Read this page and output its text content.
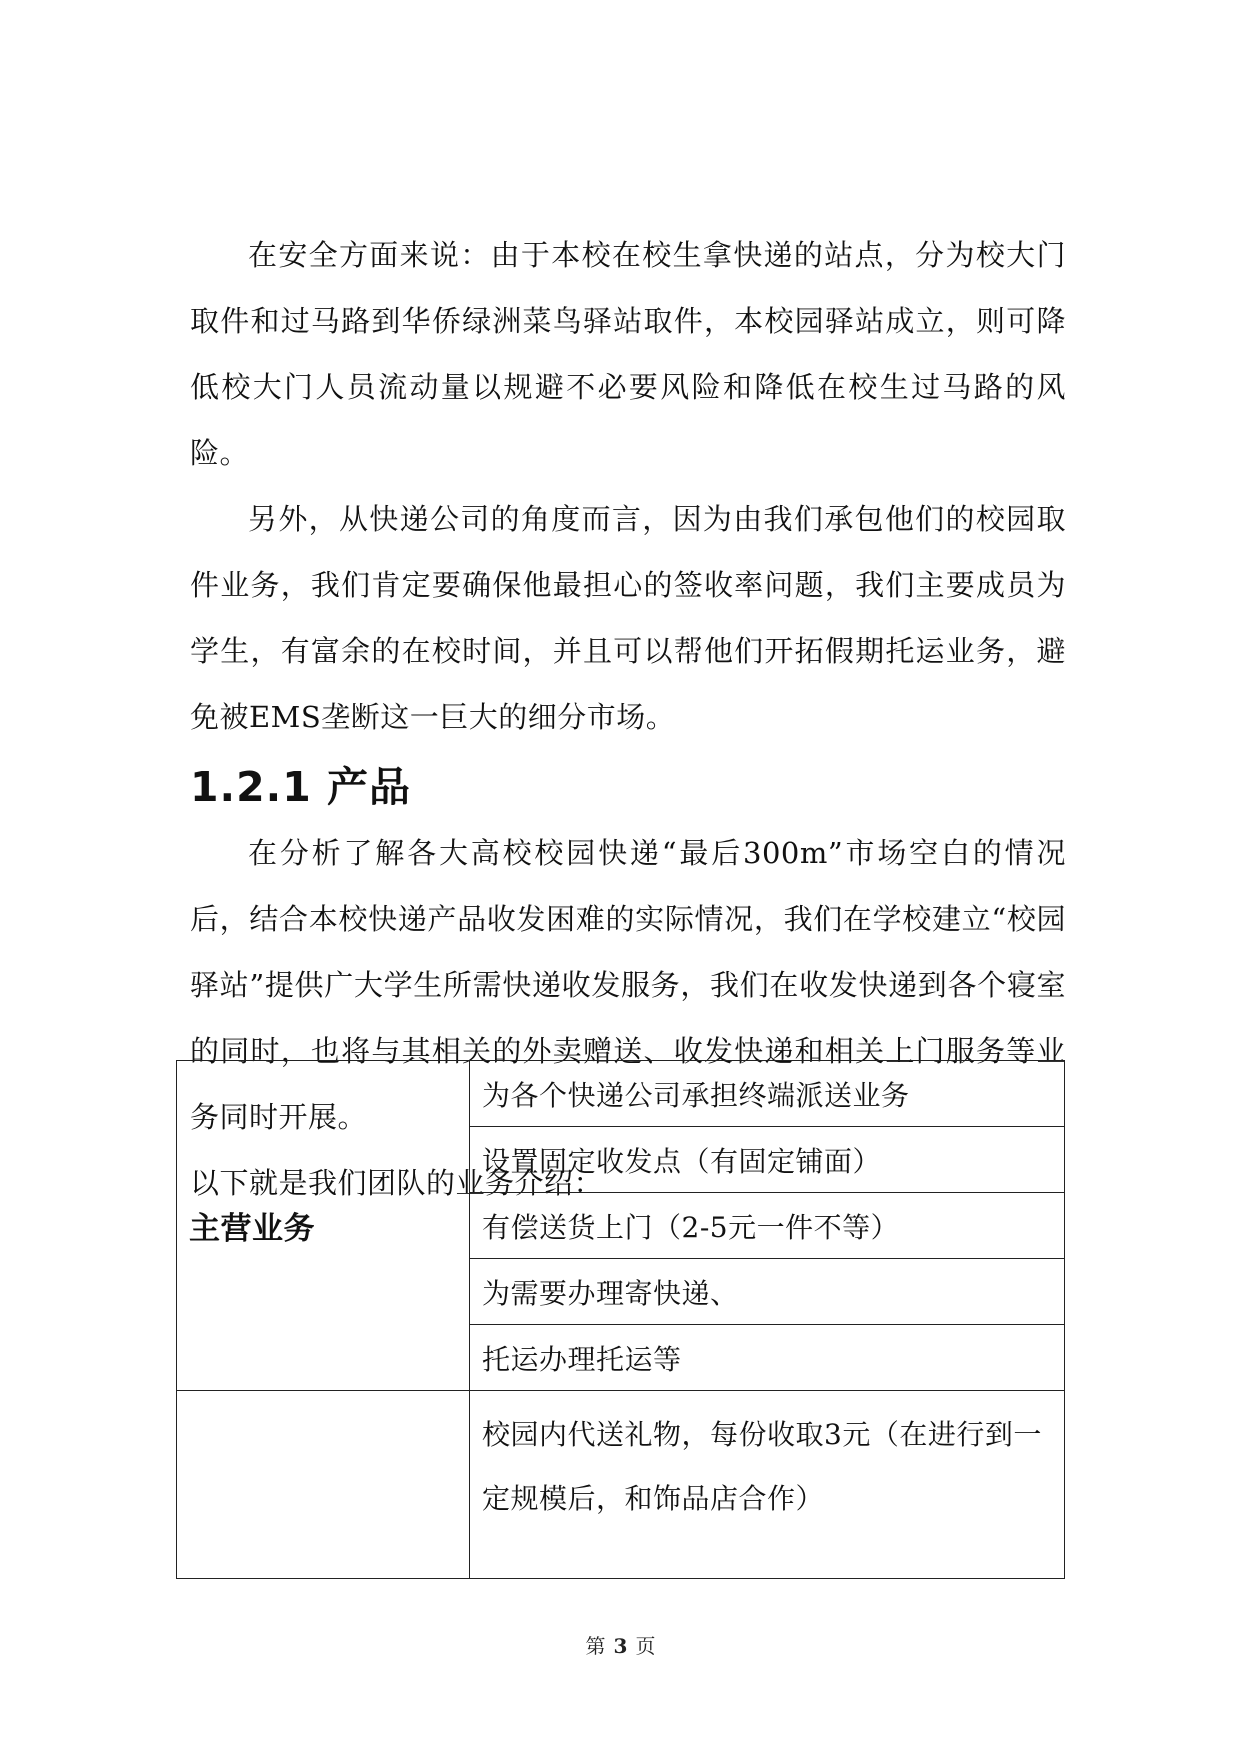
在安全方面来说：由于本校在校生拿快递的站点，分为校大门取件和过马路到华侨绿洲菜鸟驿站取件，本校园驿站成立，则可降低校大门人员流动量以规避不必要风险和降低在校生过马路的风险。

另外，从快递公司的角度而言，因为由我们承包他们的校园取件业务，我们肯定要确保他最担心的签收率问题，我们主要成员为学生，有富余的在校时间，并且可以帮他们开拓假期托运业务，避免被EMS垄断这一巨大的细分市场。

1.2.1 产品

在分析了解各大高校校园快递“最后300m”市场空白的情况后，结合本校快递产品收发困难的实际情况，我们在学校建立“校园驿站”提供广大学生所需快递收发服务，我们在收发快递到各个寝室的同时，也将与其相关的外卖赠送、收发快递和相关上门服务等业务同时开展。

以下就是我们团队的业务介绍：

主营业务	为各个快递公司承担终端派送业务
	设置固定收发点（有固定铺面）
	有偿送货上门（2-5元一件不等）
	为需要办理寄快递、
	托运办理托运等
	校园内代送礼物，每份收取3元（在进行到一定规模后，和饰品店合作）
第 3 页
